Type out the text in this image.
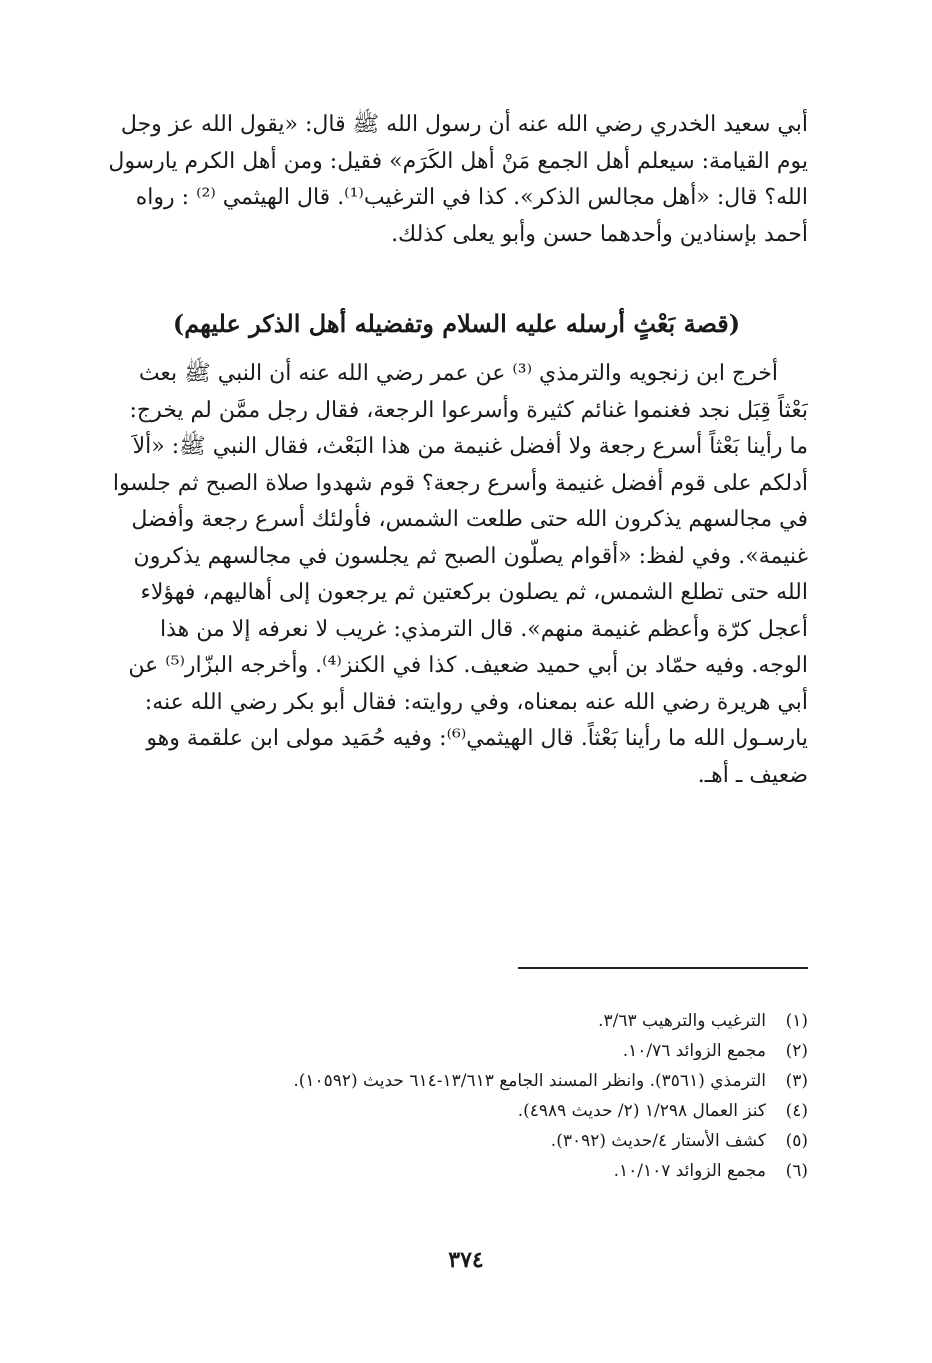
أبي سعيد الخدري رضي الله عنه أن رسول الله ﷺ قال: «يقول الله عز وجل
يوم القيامة: سيعلم أهل الجمع مَنْ أهل الكَرَم» فقيل: ومن أهل الكرم يارسول
الله؟ قال: «أهل مجالس الذكر». كذا في الترغيب⁽¹⁾. قال الهيثمي ⁽²⁾ : رواه
أحمد بإسنادين وأحدهما حسن وأبو يعلى كذلك.
(قصة بَعْثٍ أرسله عليه السلام وتفضيله أهل الذكر عليهم)
أخرج ابن زنجويه والترمذي ⁽³⁾ عن عمر رضي الله عنه أن النبي ﷺ بعث
بَعْثاً قِبَل نجد فغنموا غنائم كثيرة وأسرعوا الرجعة، فقال رجل ممَّن لم يخرج:
ما رأينا بَعْثاً أسرع رجعة ولا أفضل غنيمة من هذا البَعْث، فقال النبي ﷺ: «ألاَ
أدلكم على قوم أفضل غنيمة وأسرع رجعة؟ قوم شهدوا صلاة الصبح ثم جلسوا
في مجالسهم يذكرون الله حتى طلعت الشمس، فأولئك أسرع رجعة وأفضل
غنيمة». وفي لفظ: «أقوام يصلُّون الصبح ثم يجلسون في مجالسهم يذكرون
الله حتى تطلع الشمس، ثم يصلون بركعتين ثم يرجعون إلى أهاليهم، فهؤلاء
أعجل كرّة وأعظم غنيمة منهم». قال الترمذي: غريب لا نعرفه إلا من هذا
الوجه. وفيه حمّاد بن أبي حميد ضعيف. كذا في الكنز⁽⁴⁾. وأخرجه البزّار⁽⁵⁾ عن
أبي هريرة رضي الله عنه بمعناه، وفي روايته: فقال أبو بكر رضي الله عنه:
يارسـول الله ما رأينا بَعْثاً. قال الهيثمي⁽⁶⁾: وفيه حُمَيد مولى ابن علقمة وهو
ضعيف ـ أهـ.
(١)
الترغيب والترهيب ٣/٦٣.
(٢)
مجمع الزوائد ١٠/٧٦.
(٣)
الترمذي (٣٥٦١). وانظر المسند الجامع ١٣/٦١٣-٦١٤ حديث (١٠٥٩٢).
(٤)
كنز العمال ١/٢٩٨ (٢/ حديث ٤٩٨٩).
(٥)
كشف الأستار ٤/حديث (٣٠٩٢).
(٦)
مجمع الزوائد ١٠/١٠٧.
٣٧٤
